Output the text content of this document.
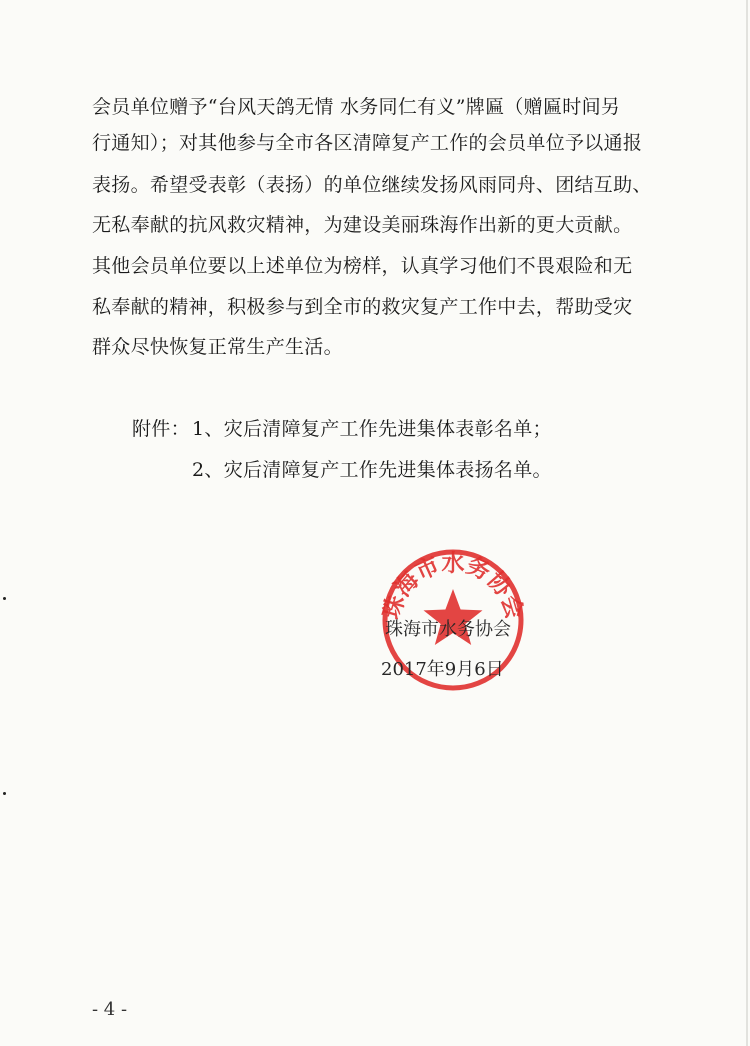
会员单位赠予“台风天鸽无情 水务同仁有义”牌匾（赠匾时间另
行通知）；对其他参与全市各区清障复产工作的会员单位予以通报
表扬。希望受表彰（表扬）的单位继续发扬风雨同舟、团结互助、
无私奉献的抗风救灾精神，为建设美丽珠海作出新的更大贡献。
其他会员单位要以上述单位为榜样，认真学习他们不畏艰险和无
私奉献的精神，积极参与到全市的救灾复产工作中去，帮助受灾
群众尽快恢复正常生产生活。
附件： 1、灾后清障复产工作先进集体表彰名单；
2、灾后清障复产工作先进集体表扬名单。
珠海市水务协会
珠海市水务协会
2017年9月6日
- 4 -
